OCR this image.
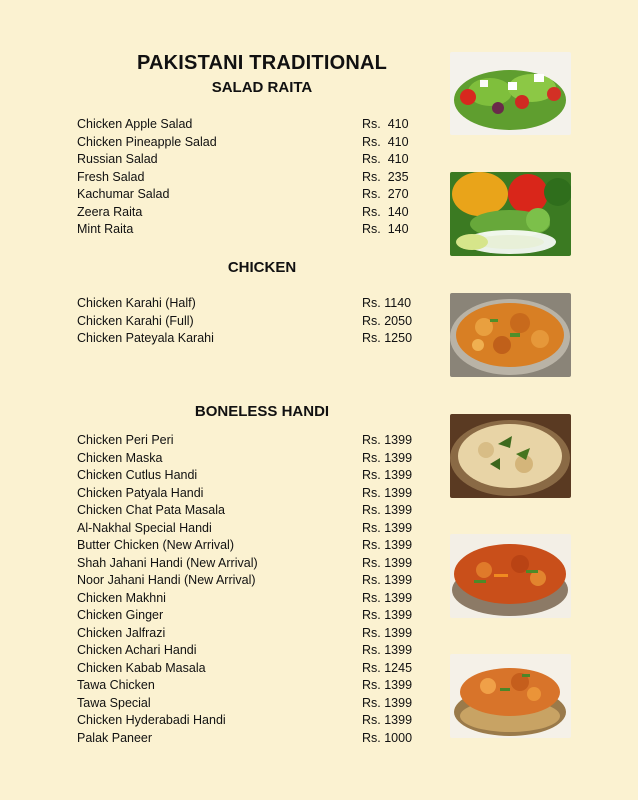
PAKISTANI TRADITIONAL
SALAD RAITA
Chicken Apple Salad	Rs.  410
Chicken Pineapple Salad	Rs.  410
Russian Salad	Rs.  410
Fresh Salad	Rs.  235
Kachumar Salad	Rs.  270
Zeera Raita	Rs.  140
Mint Raita	Rs.  140
CHICKEN
Chicken Karahi (Half)	Rs. 1140
Chicken Karahi (Full)	Rs. 2050
Chicken Pateyala Karahi	Rs. 1250
BONELESS HANDI
Chicken Peri Peri	Rs. 1399
Chicken Maska	Rs. 1399
Chicken Cutlus Handi	Rs. 1399
Chicken Patyala Handi	Rs. 1399
Chicken Chat Pata Masala	Rs. 1399
Al-Nakhal Special Handi	Rs. 1399
Butter Chicken (New Arrival)	Rs. 1399
Shah Jahani Handi (New Arrival)	Rs. 1399
Noor Jahani Handi (New Arrival)	Rs. 1399
Chicken Makhni	Rs. 1399
Chicken Ginger	Rs. 1399
Chicken Jalfrazi	Rs. 1399
Chicken Achari Handi	Rs. 1399
Chicken Kabab Masala	Rs. 1245
Tawa Chicken	Rs. 1399
Tawa Special	Rs. 1399
Chicken Hyderabadi Handi	Rs. 1399
Palak Paneer	Rs. 1000
